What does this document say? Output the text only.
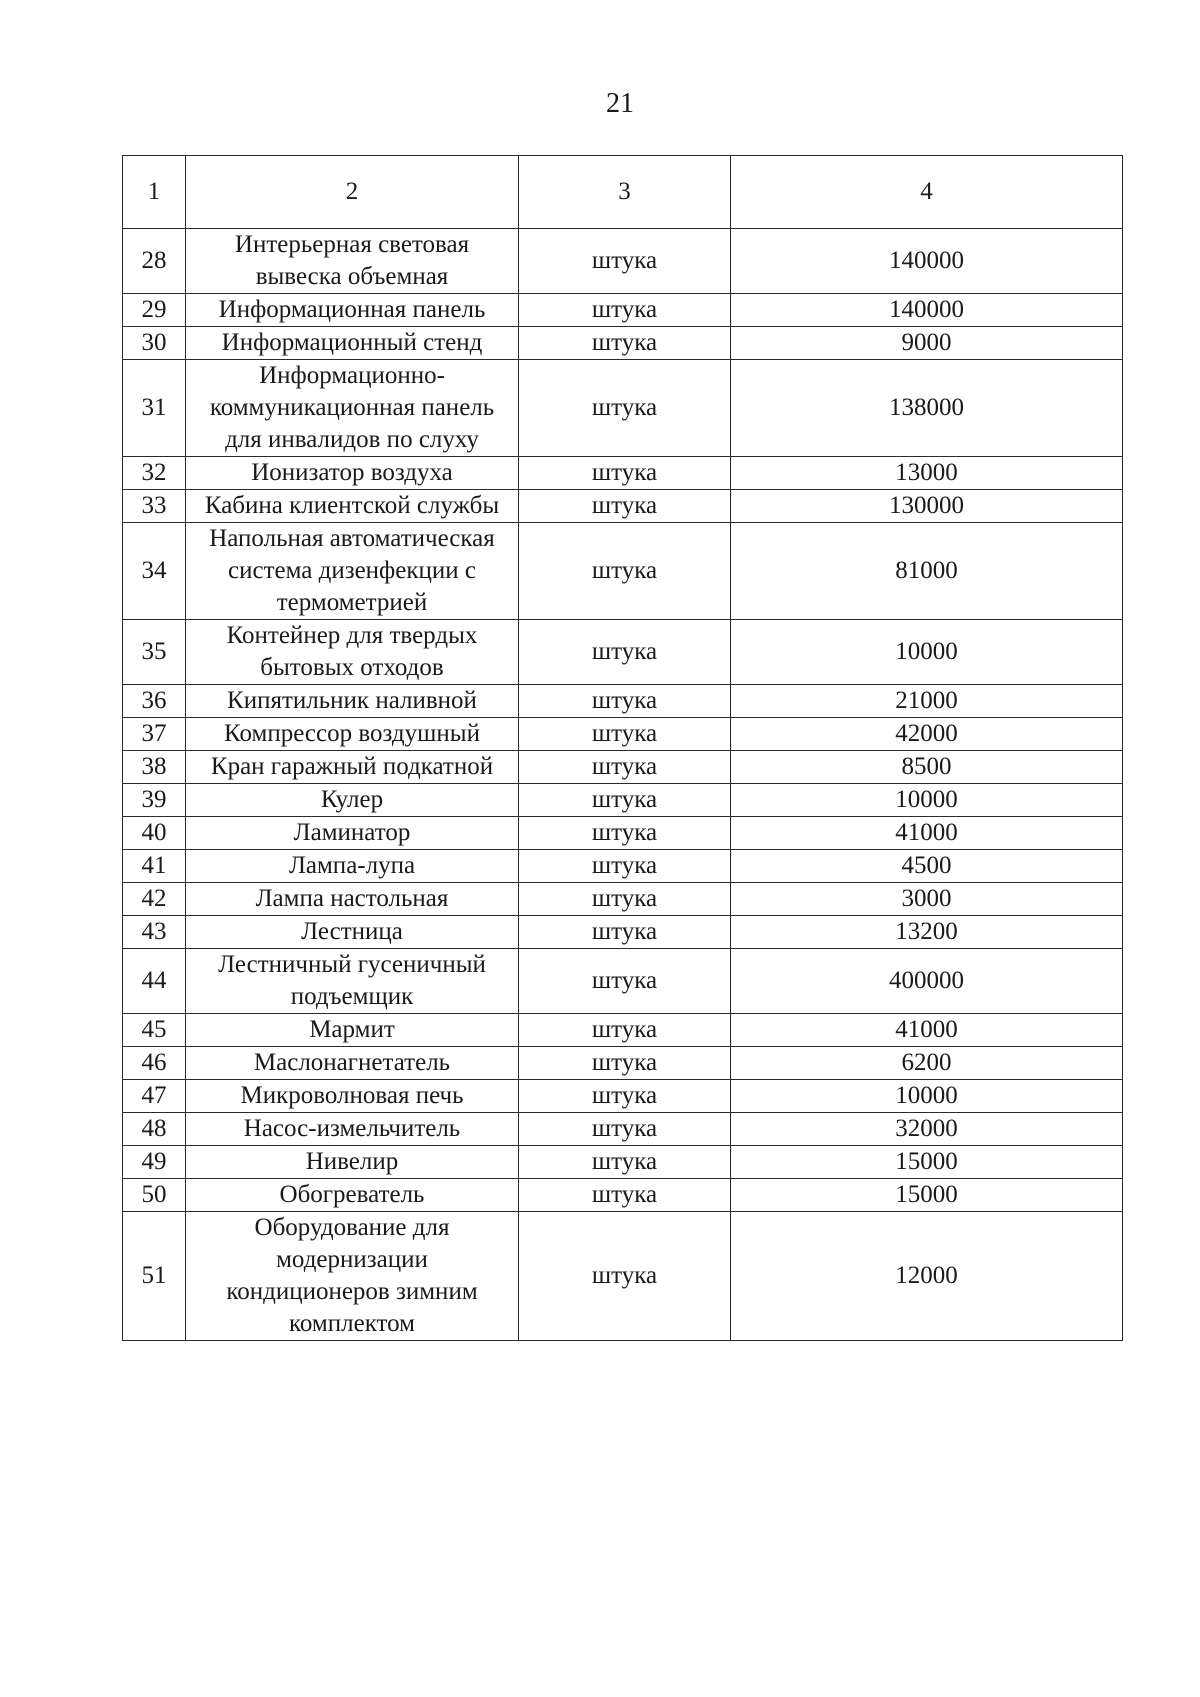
21
1	2	3	4
28	Интерьерная световая вывеска объемная	штука	140000
29	Информационная панель	штука	140000
30	Информационный стенд	штука	9000
31	Информационно-коммуникационная панель для инвалидов по слуху	штука	138000
32	Ионизатор воздуха	штука	13000
33	Кабина клиентской службы	штука	130000
34	Напольная автоматическая система дизенфекции с термометрией	штука	81000
35	Контейнер для твердых бытовых отходов	штука	10000
36	Кипятильник наливной	штука	21000
37	Компрессор воздушный	штука	42000
38	Кран гаражный подкатной	штука	8500
39	Кулер	штука	10000
40	Ламинатор	штука	41000
41	Лампа-лупа	штука	4500
42	Лампа настольная	штука	3000
43	Лестница	штука	13200
44	Лестничный гусеничный подъемщик	штука	400000
45	Мармит	штука	41000
46	Маслонагнетатель	штука	6200
47	Микроволновая печь	штука	10000
48	Насос-измельчитель	штука	32000
49	Нивелир	штука	15000
50	Обогреватель	штука	15000
51	Оборудование для модернизации кондиционеров зимним комплектом	штука	12000
